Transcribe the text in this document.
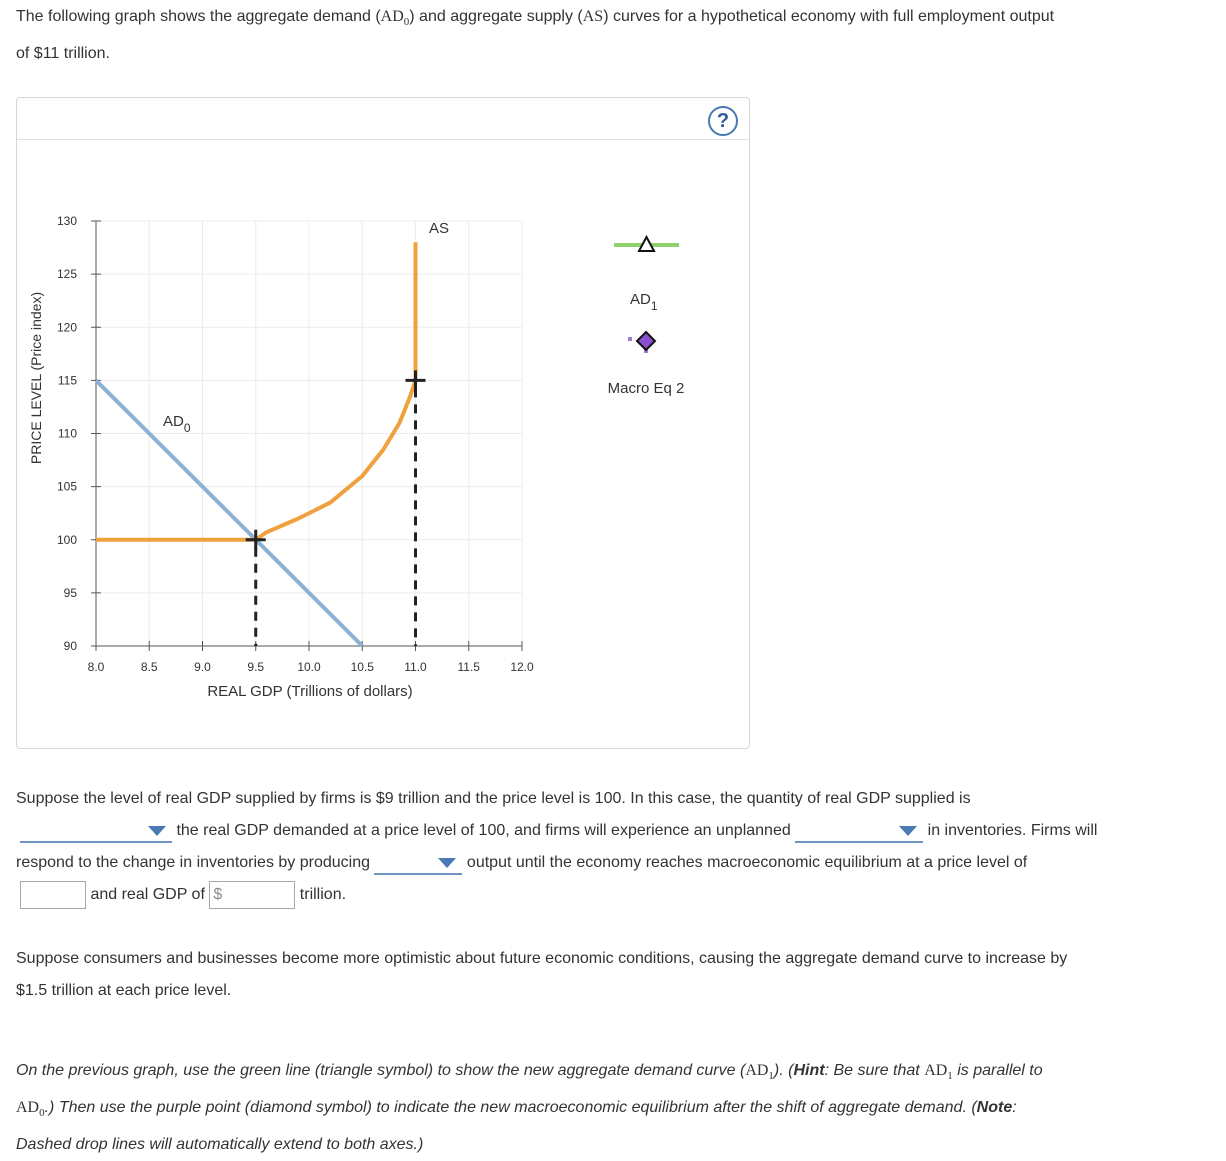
The following graph shows the aggregate demand $(AD_0)$ and aggregate supply (AS) curves for a hypothetical economy with full employment output
of $11 trillion.
?
90
95
100
105
110
115
120
125
130
8.0	8.5	9.0	9.5	10.0 10.5	11.0	11.5	12.0
PRICE LEVEL (Price index)
REAL GDP (Trillions of dollars)
AS
$AD_0$
$AD_1$
Macro Eq 2
Suppose the level of real GDP supplied by firms is $9 trillion and the price level is 100. In this case, the quantity of real GDP supplied is
the real GDP demanded at a price level of 100, and firms will experience an unplanned	in inventories. Firms will
respond to the change in inventories by producing	output until the economy reaches macroeconomic equilibrium at a price level of
and real GDP of $	trillion.
Suppose consumers and businesses become more optimistic about future economic conditions, causing the aggregate demand curve to increase by
$1.5 trillion at each price level.
On the previous graph, use the green line (triangle symbol) to show the new aggregate demand curve $(AD_1)$. (Hint: Be sure that $AD_1$ is parallel to
$AD_0$.) Then use the purple point (diamond symbol) to indicate the new macroeconomic equilibrium after the shift of aggregate demand. (Note:
Dashed drop lines will automatically extend to both axes.)
